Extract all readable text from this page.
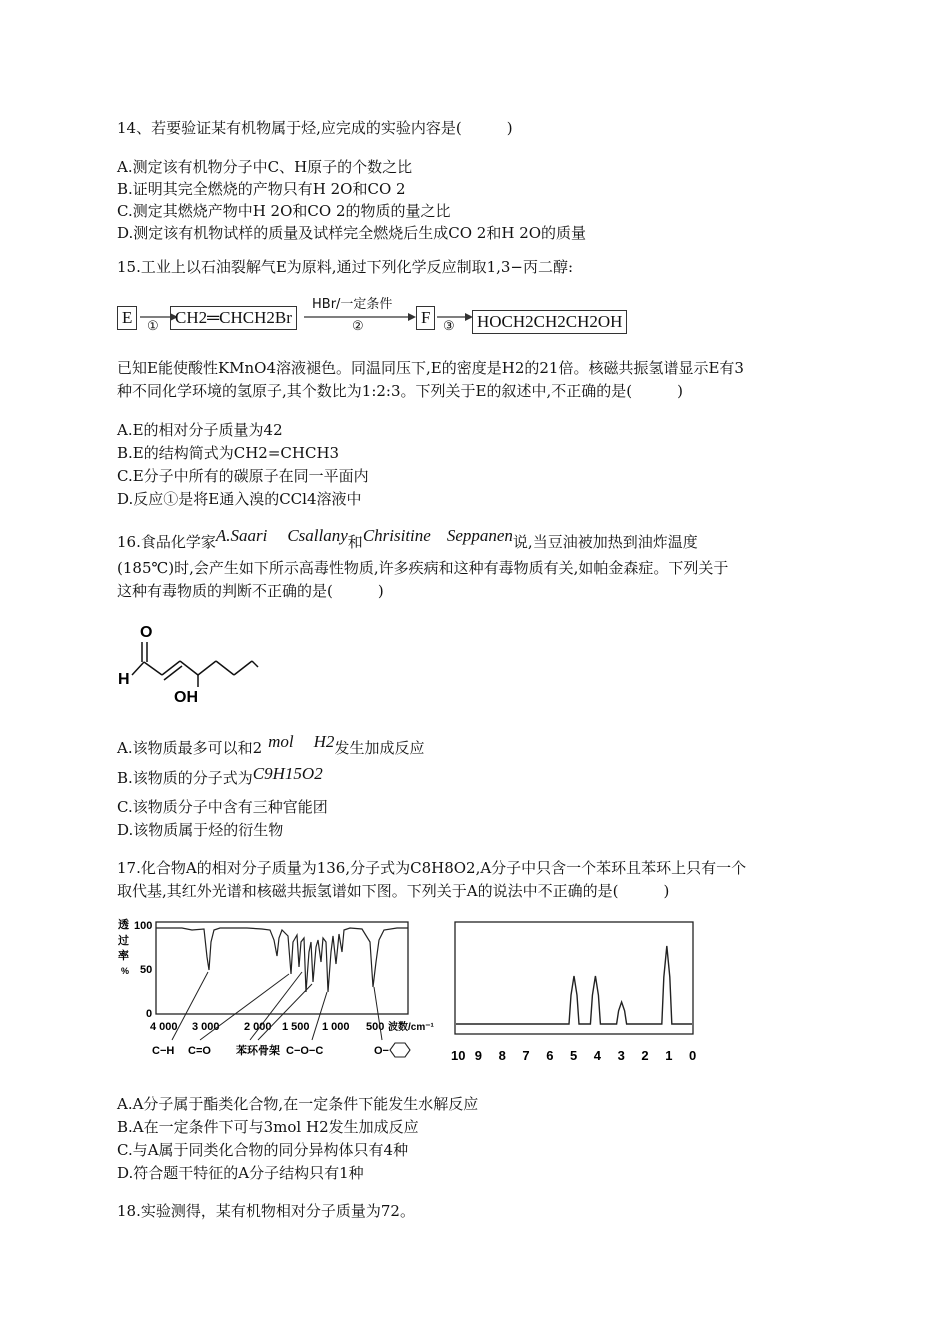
14、若要验证某有机物属于烃,应完成的实验内容是(　　　)
A.测定该有机物分子中C、H原子的个数之比
B.证明其完全燃烧的产物只有H 2O和CO 2
C.测定其燃烧产物中H 2O和CO 2的物质的量之比
D.测定该有机物试样的质量及试样完全燃烧后生成CO 2和H 2O的质量
15.工业上以石油裂解气E为原料,通过下列化学反应制取1,3−丙二醇:
E	① CH2═CHCH2Br
HBr/一定条件
②	F ③ HOCH2CH2CH2OH
已知E能使酸性KMnO4溶液褪色。同温同压下,E的密度是H2的21倍。核磁共振氢谱显示E有3
种不同化学环境的氢原子,其个数比为1:2:3。下列关于E的叙述中,不正确的是(　　　)
A.E的相对分子质量为42
B.E的结构简式为CH2=CHCH3
C.E分子中所有的碳原子在同一平面内
D.反应①是将E通入溴的CCl4溶液中
16.食品化学家A.Saari Csallany和Chrisitine Seppanen说,当豆油被加热到油炸温度
(185℃)时,会产生如下所示高毒性物质,许多疾病和这种有毒物质有关,如帕金森症。下列关于
这种有毒物质的判断不正确的是(　　　)
O
H
OH
A.该物质最多可以和2 mol H2发生加成反应
B.该物质的分子式为C9H15O2
C.该物质分子中含有三种官能团
D.该物质属于烃的衍生物
17.化合物A的相对分子质量为136,分子式为C8H8O2,A分子中只含一个苯环且苯环上只有一个
取代基,其红外光谱和核磁共振氢谱如下图。下列关于A的说法中不正确的是(　　　)
透
过
率
%
100
50
0
4 000 3 000 2 000 1 500 1 000 500 波数/cm⁻¹
C−H C=O 苯环骨架 C−O−C	O−	10 9 8 7 6 5 4 3 2 1 0
A.A分子属于酯类化合物,在一定条件下能发生水解反应
B.A在一定条件下可与3mol H2发生加成反应
C.与A属于同类化合物的同分异构体只有4种
D.符合题干特征的A分子结构只有1种
18.实验测得，某有机物相对分子质量为72。
